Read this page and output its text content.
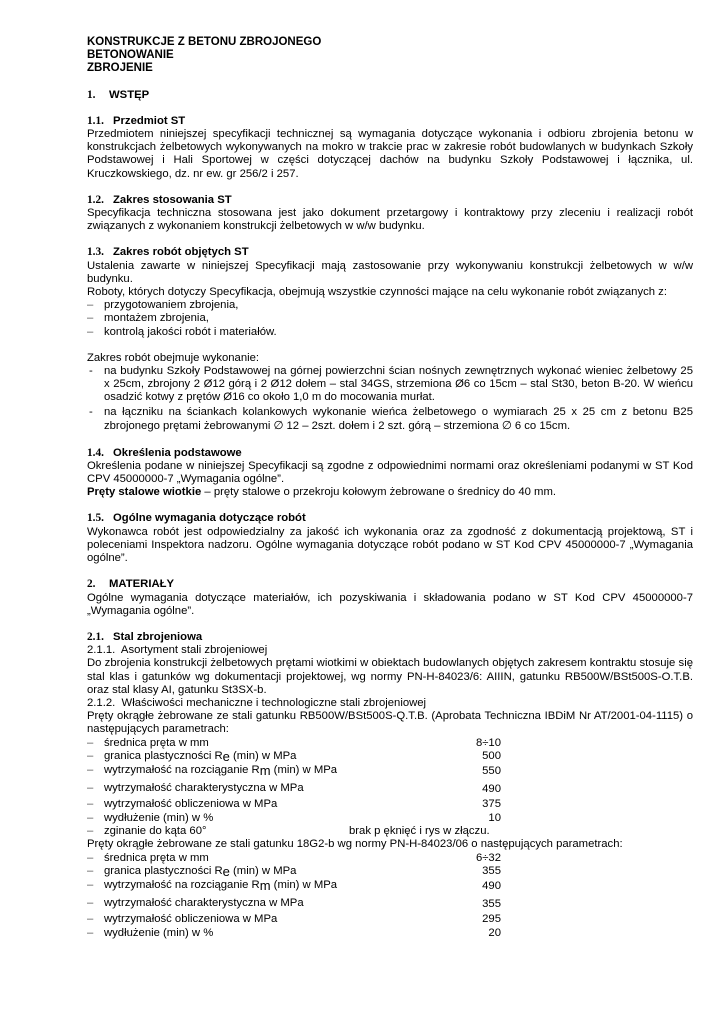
KONSTRUKCJE Z BETONU ZBROJONEGO
BETONOWANIE
ZBROJENIE

1. WSTĘP

1.1. Przedmiot ST

Przedmiotem niniejszej specyfikacji technicznej są wymagania dotyczące wykonania i odbioru zbrojenia betonu w konstrukcjach żelbetowych wykonywanych na mokro w trakcie prac w zakresie robót budowlanych w budynkach Szkoły Podstawowej i Hali Sportowej w części dotyczącej dachów na budynku Szkoły Podstawowej i łącznika, ul. Kruczkowskiego, dz. nr ew. gr 256/2 i 257.

1.2. Zakres stosowania ST

Specyfikacja techniczna stosowana jest jako dokument przetargowy i kontraktowy przy zleceniu i realizacji robót związanych z wykonaniem konstrukcji żelbetowych w w/w budynku.

1.3. Zakres robót objętych ST

Ustalenia zawarte w niniejszej Specyfikacji mają zastosowanie przy wykonywaniu konstrukcji żelbetowych w w/w budynku.

Roboty, których dotyczy Specyfikacja, obejmują wszystkie czynności mające na celu wykonanie robót związanych z:

– przygotowaniem zbrojenia,
– montażem zbrojenia,
– kontrolą jakości robót i materiałów.

Zakres robót obejmuje wykonanie:

- na budynku Szkoły Podstawowej na górnej powierzchni ścian nośnych zewnętrznych wykonać wieniec żelbetowy 25 x 25cm, zbrojony 2 Ø12 górą i 2 Ø12 dołem – stal 34GS, strzemiona Ø6 co 15cm – stal St30, beton B-20. W wieńcu osadzić kotwy z prętów Ø16 co około 1,0 m do mocowania murłat.
- na łączniku na ściankach kolankowych wykonanie wieńca żelbetowego o wymiarach 25 x 25 cm z betonu B25 zbrojonego prętami żebrowanymi ∅ 12 – 2szt. dołem i 2 szt. górą – strzemiona ∅ 6 co 15cm.

1.4. Określenia podstawowe

Określenia podane w niniejszej Specyfikacji są zgodne z odpowiednimi normami oraz określeniami podanymi w ST Kod CPV 45000000-7 „Wymagania ogólne”.

Pręty stalowe wiotkie – pręty stalowe o przekroju kołowym żebrowane o średnicy do 40 mm.

1.5. Ogólne wymagania dotyczące robót

Wykonawca robót jest odpowiedzialny za jakość ich wykonania oraz za zgodność z dokumentacją projektową, ST i poleceniami Inspektora nadzoru. Ogólne wymagania dotyczące robót podano w ST Kod CPV 45000000-7 „Wymagania ogólne”.

2. MATERIAŁY

Ogólne wymagania dotyczące materiałów, ich pozyskiwania i składowania podano w ST Kod CPV 45000000-7 „Wymagania ogólne”.

2.1. Stal zbrojeniowa

2.1.1.  Asortyment stali zbrojeniowej

Do zbrojenia konstrukcji żelbetowych prętami wiotkimi w obiektach budowlanych objętych zakresem kontraktu stosuje się stal klas i gatunków wg dokumentacji projektowej, wg normy PN-H-84023/6: AIIIN, gatunku RB500W/BSt500S-O.T.B. oraz stal klasy AI, gatunku St3SX-b.

2.1.2.  Właściwości mechaniczne i technologiczne stali zbrojeniowej

Pręty okrągłe żebrowane ze stali gatunku RB500W/BSt500S-Q.T.B. (Aprobata Techniczna IBDiM Nr AT/2001-04-1115) o następujących parametrach:

– średnica pręta w mm	8÷10
– granica plastyczności $R_e$ (min) w MPa	500
– wytrzymałość na rozciąganie $R_m$ (min) w MPa	550
– wytrzymałość charakterystyczna w MPa	490
– wytrzymałość obliczeniowa w MPa	375
– wydłużenie (min) w %	10
– zginanie do kąta 60°	brak p ęknięć i rys w złączu.

Pręty okrągłe żebrowane ze stali gatunku 18G2-b wg normy PN-H-84023/06 o następujących parametrach:

– średnica pręta w mm	6÷32
– granica plastyczności $R_e$ (min) w MPa	355
– wytrzymałość na rozciąganie $R_m$ (min) w MPa	490
– wytrzymałość charakterystyczna w MPa	355
– wytrzymałość obliczeniowa w MPa	295
– wydłużenie (min) w %	20
